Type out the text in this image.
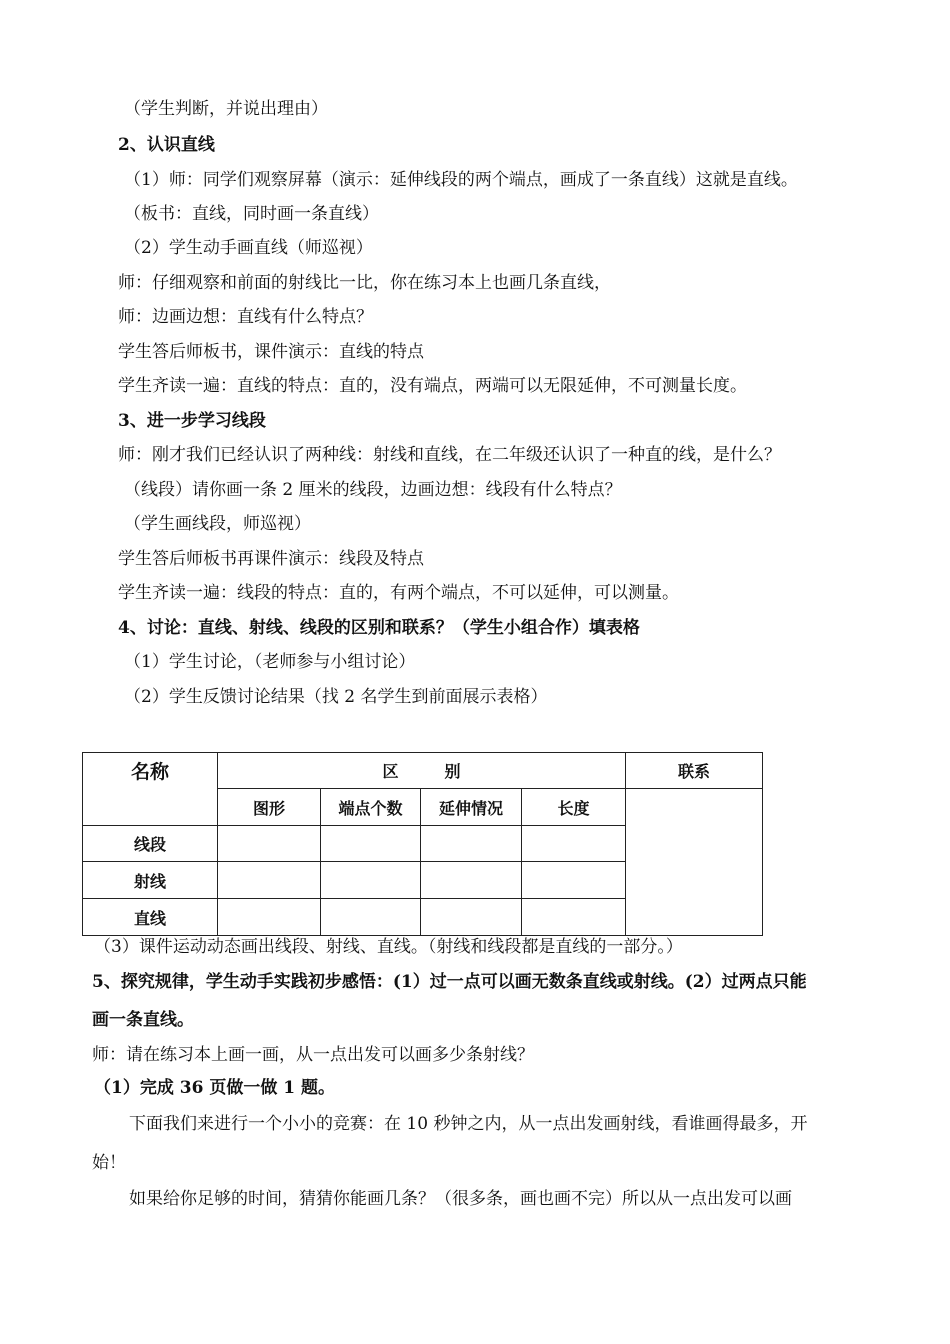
（学生判断，并说出理由）
2、认识直线
（1）师：同学们观察屏幕（演示：延伸线段的两个端点，画成了一条直线）这就是直线。
（板书：直线，同时画一条直线）
（2）学生动手画直线（师巡视）
师：仔细观察和前面的射线比一比，你在练习本上也画几条直线，
师：边画边想：直线有什么特点？
学生答后师板书，课件演示：直线的特点
学生齐读一遍：直线的特点：直的，没有端点，两端可以无限延伸，不可测量长度。
3、进一步学习线段
师：刚才我们已经认识了两种线：射线和直线，在二年级还认识了一种直的线，是什么？
（线段）请你画一条 2 厘米的线段，边画边想：线段有什么特点？
（学生画线段，师巡视）
学生答后师板书再课件演示：线段及特点
学生齐读一遍：线段的特点：直的，有两个端点，不可以延伸，可以测量。
4、讨论：直线、射线、线段的区别和联系？（学生小组合作）填表格
（1）学生讨论，（老师参与小组讨论）
（2）学生反馈讨论结果（找 2 名学生到前面展示表格）
名称	区 别				联系
	图形	端点个数	延伸情况	长度	
线段					
射线					
直线					
（3）课件运动动态画出线段、射线、直线。（射线和线段都是直线的一部分。）
5、探究规律，学生动手实践初步感悟：(1）过一点可以画无数条直线或射线。(2）过两点只能
画一条直线。
师：请在练习本上画一画，从一点出发可以画多少条射线？
（1）完成 36 页做一做 1 题。
下面我们来进行一个小小的竞赛：在 10 秒钟之内，从一点出发画射线，看谁画得最多，开
始！
如果给你足够的时间，猜猜你能画几条？（很多条，画也画不完）所以从一点出发可以画
